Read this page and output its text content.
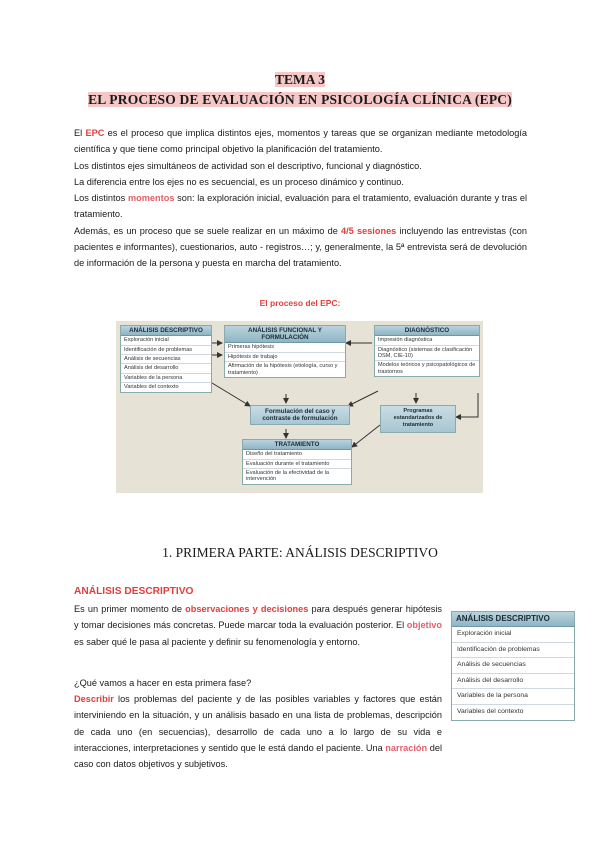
TEMA 3
EL PROCESO DE EVALUACIÓN EN PSICOLOGÍA CLÍNICA (EPC)

El EPC es el proceso que implica distintos ejes, momentos y tareas que se organizan mediante metodología científica y que tiene como principal objetivo la planificación del tratamiento.

Los distintos ejes simultáneos de actividad son el descriptivo, funcional y diagnóstico.

La diferencia entre los ejes no es secuencial, es un proceso dinámico y continuo.

Los distintos momentos son: la exploración inicial, evaluación para el tratamiento, evaluación durante y tras el tratamiento.

Además, es un proceso que se suele realizar en un máximo de 4/5 sesiones incluyendo las entrevistas (con pacientes e informantes), cuestionarios, auto - registros…; y, generalmente, la 5ª entrevista será de devolución de información de la persona y puesta en marcha del tratamiento.

El proceso del EPC:
ANÁLISIS DESCRIPTIVO
Exploración inicial
Identificación de problemas
Análisis de secuencias
Análisis del desarrollo
Variables de la persona
Variables del contexto
ANÁLISIS FUNCIONAL Y FORMULACIÓN
Primeras hipótesis
Hipótesis de trabajo
Afirmación de la hipótesis (etiología, curso y tratamiento)
DIAGNÓSTICO
Impresión diagnóstica
Diagnóstico (sistemas de clasificación DSM, CIE-10)
Modelos teóricos y psicopatológicos de trastornos
Formulación del caso y contraste de formulación
Programas estandarizados de tratamiento
TRATAMIENTO
Diseño del tratamiento
Evaluación durante el tratamiento
Evaluación de la efectividad de la intervención
1. PRIMERA PARTE: ANÁLISIS DESCRIPTIVO
ANÁLISIS DESCRIPTIVO

Es un primer momento de observaciones y decisiones para después generar hipótesis y tomar decisiones más concretas. Puede marcar toda la evaluación posterior. El objetivo es saber qué le pasa al paciente y definir su fenomenología y entorno.

¿Qué vamos a hacer en esta primera fase?

Describir los problemas del paciente y de las posibles variables y factores que están interviniendo en la situación, y un análisis basado en una lista de problemas, descripción de cada uno (en secuencias), desarrollo de cada uno a lo largo de su vida e interacciones, interpretaciones y sentido que le está dando el paciente. Una narración del caso con datos objetivos y subjetivos.

ANÁLISIS DESCRIPTIVO
Exploración inicial
Identificación de problemas
Análisis de secuencias
Análisis del desarrollo
Variables de la persona
Variables del contexto
